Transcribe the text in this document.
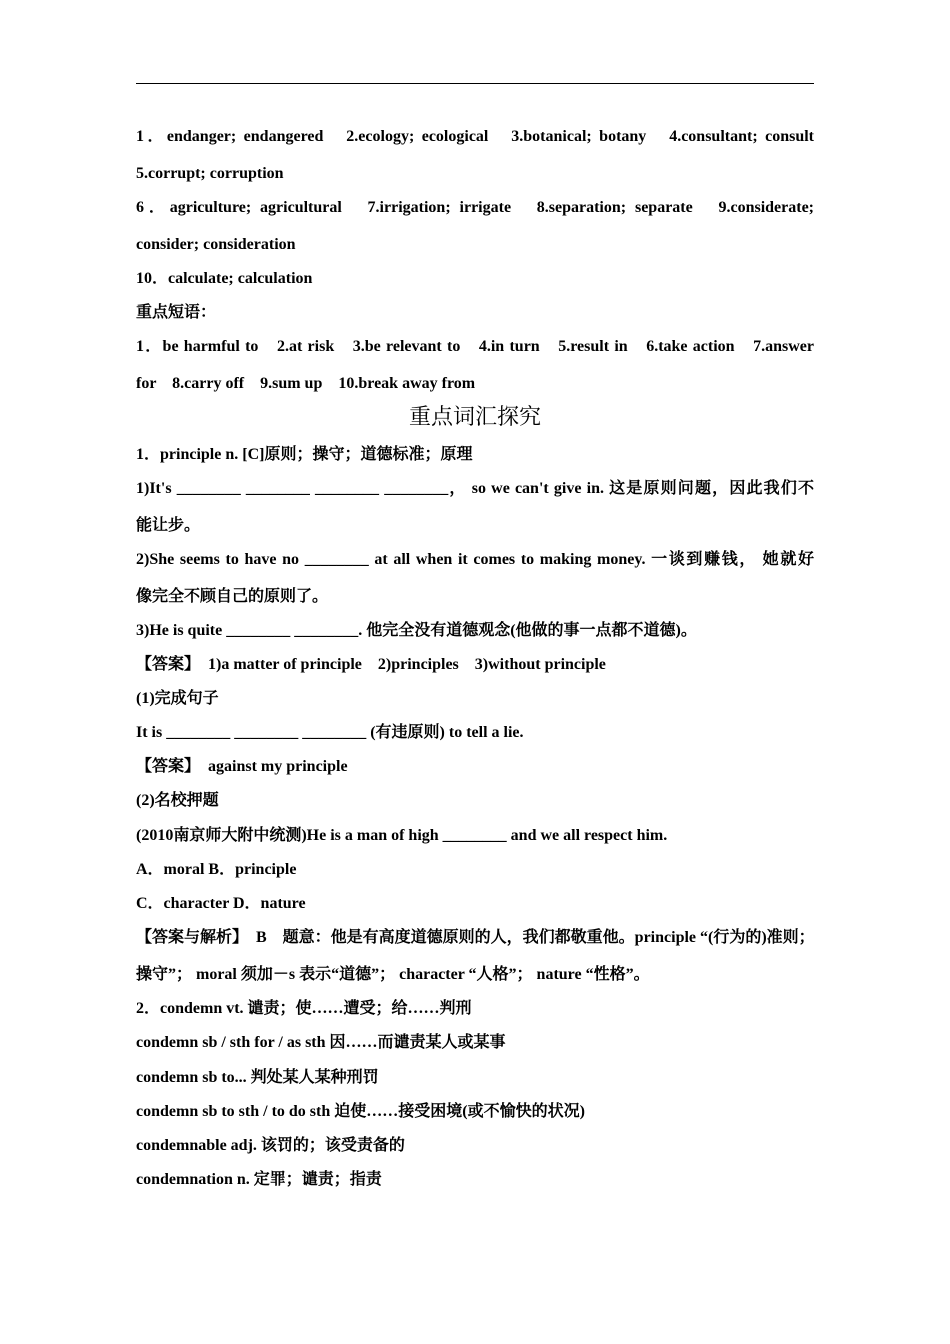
1．endanger; endangered　2.ecology; ecological　3.botanical; botany　4.consultant; consult
5.corrupt; corruption
6．agriculture; agricultural　7.irrigation; irrigate　8.separation; separate　9.considerate;
consider; consideration
10．calculate; calculation
重点短语：
1．be harmful to　2.at risk　3.be relevant to　4.in turn　5.result in　6.take action　7.answer
for　8.carry off　9.sum up　10.break away from
重点词汇探究
1．principle n. [C]原则；操守；道德标准；原理
1)It's ________ ________ ________ ________， so we can't give in. 这是原则问题，因此我们不
能让步。
2)She seems to have no ________ at all when it comes to making money. 一谈到赚钱， 她就好
像完全不顾自己的原则了。
3)He is quite ________ ________. 他完全没有道德观念(他做的事一点都不道德)。
【答案】　1)a matter of principle　2)principles　3)without principle
(1)完成句子
It is ________ ________ ________ (有违原则) to tell a lie.
【答案】　against my principle
(2)名校押题
(2010南京师大附中统测)He is a man of high ________ and we all respect him.
A．moral B．principle
C．character D．nature
【答案与解析】　B　题意：他是有高度道德原则的人，我们都敬重他。principle “(行为的)准则；
操守”； moral 须加－s 表示“道德”； character “人格”； nature “性格”。
2．condemn vt. 谴责；使……遭受；给……判刑
condemn sb / sth for / as sth 因……而谴责某人或某事
condemn sb to... 判处某人某种刑罚
condemn sb to sth / to do sth 迫使……接受困境(或不愉快的状况)
condemnable adj. 该罚的；该受责备的
condemnation n. 定罪；谴责；指责
